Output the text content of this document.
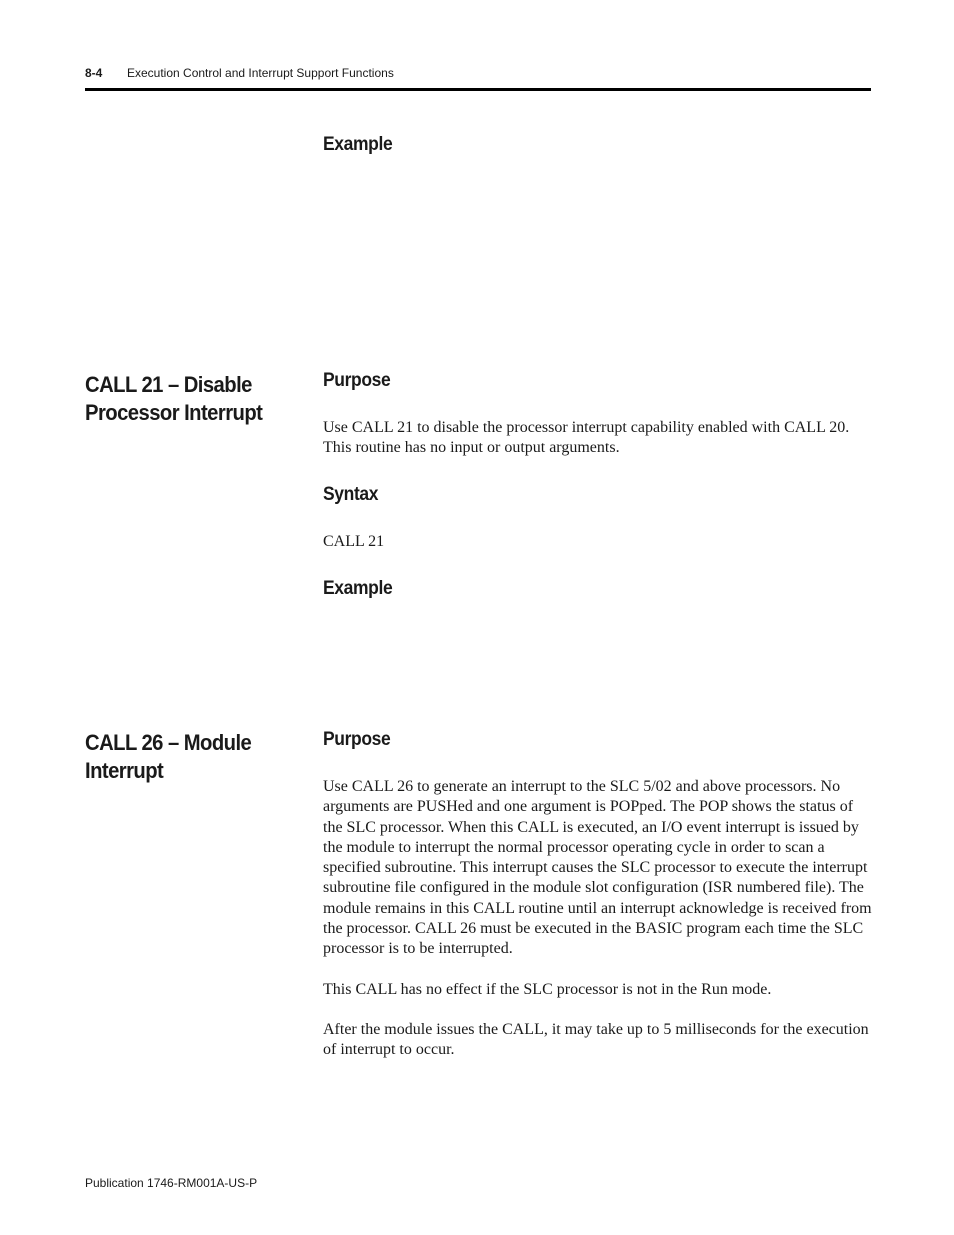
8-4 Execution Control and Interrupt Support Functions
Example
CALL 21 – Disable
Processor Interrupt
Purpose

Use CALL 21 to disable the processor interrupt capability enabled with CALL 20. This routine has no input or output arguments.

Syntax
CALL 21
Example
CALL 26 – Module
Interrupt
Purpose

Use CALL 26 to generate an interrupt to the SLC 5/02 and above processors. No arguments are PUSHed and one argument is POPped. The POP shows the status of the SLC processor. When this CALL is executed, an I/O event interrupt is issued by the module to interrupt the normal processor operating cycle in order to scan a specified subroutine. This interrupt causes the SLC processor to execute the interrupt subroutine file configured in the module slot configuration (ISR numbered file). The module remains in this CALL routine until an interrupt acknowledge is received from the processor. CALL 26 must be executed in the BASIC program each time the SLC processor is to be interrupted.

This CALL has no effect if the SLC processor is not in the Run mode.

After the module issues the CALL, it may take up to 5 milliseconds for the execution of interrupt to occur.

Publication 1746-RM001A-US-P
